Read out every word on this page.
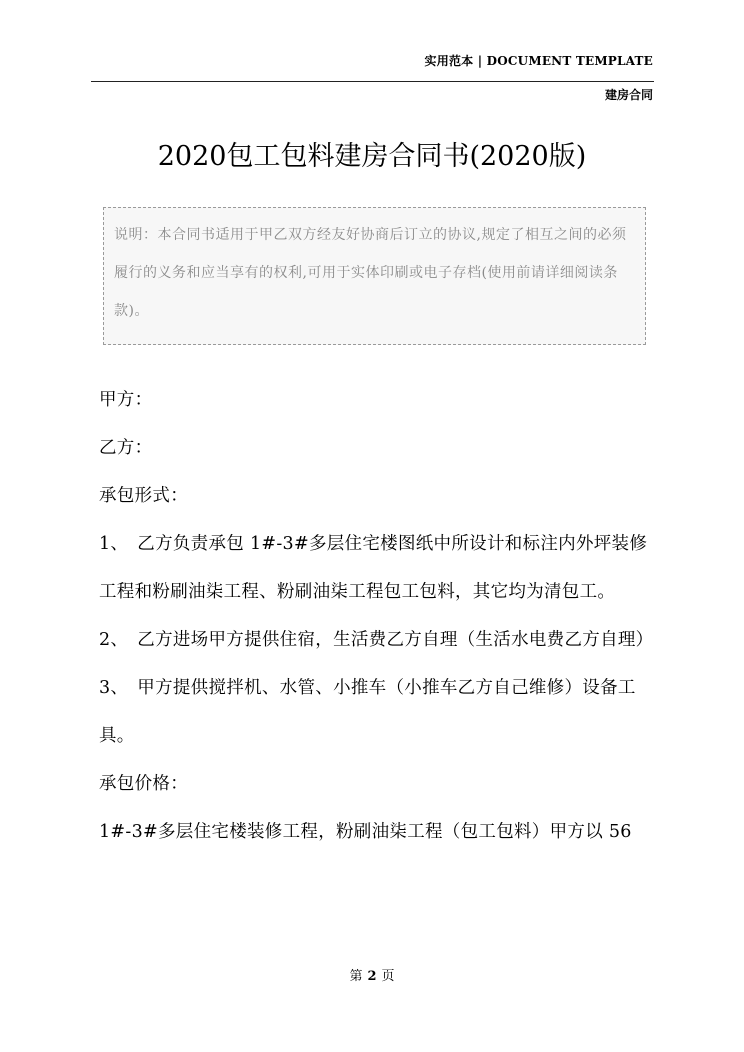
实用范本 | DOCUMENT TEMPLATE
建房合同
2020包工包料建房合同书(2020版)
说明：本合同书适用于甲乙双方经友好协商后订立的协议,规定了相互之间的必须履行的义务和应当享有的权利,可用于实体印刷或电子存档(使用前请详细阅读条款)。

甲方：

乙方：

承包形式：

1、　乙方负责承包 1#-3#多层住宅楼图纸中所设计和标注内外坪装修工程和粉刷油柒工程、粉刷油柒工程包工包料，其它均为清包工。

2、　乙方进场甲方提供住宿，生活费乙方自理（生活水电费乙方自理）

3、　甲方提供搅拌机、水管、小推车（小推车乙方自己维修）设备工具。

承包价格：

1#-3#多层住宅楼装修工程，粉刷油柒工程（包工包料）甲方以 56

第 2 页
